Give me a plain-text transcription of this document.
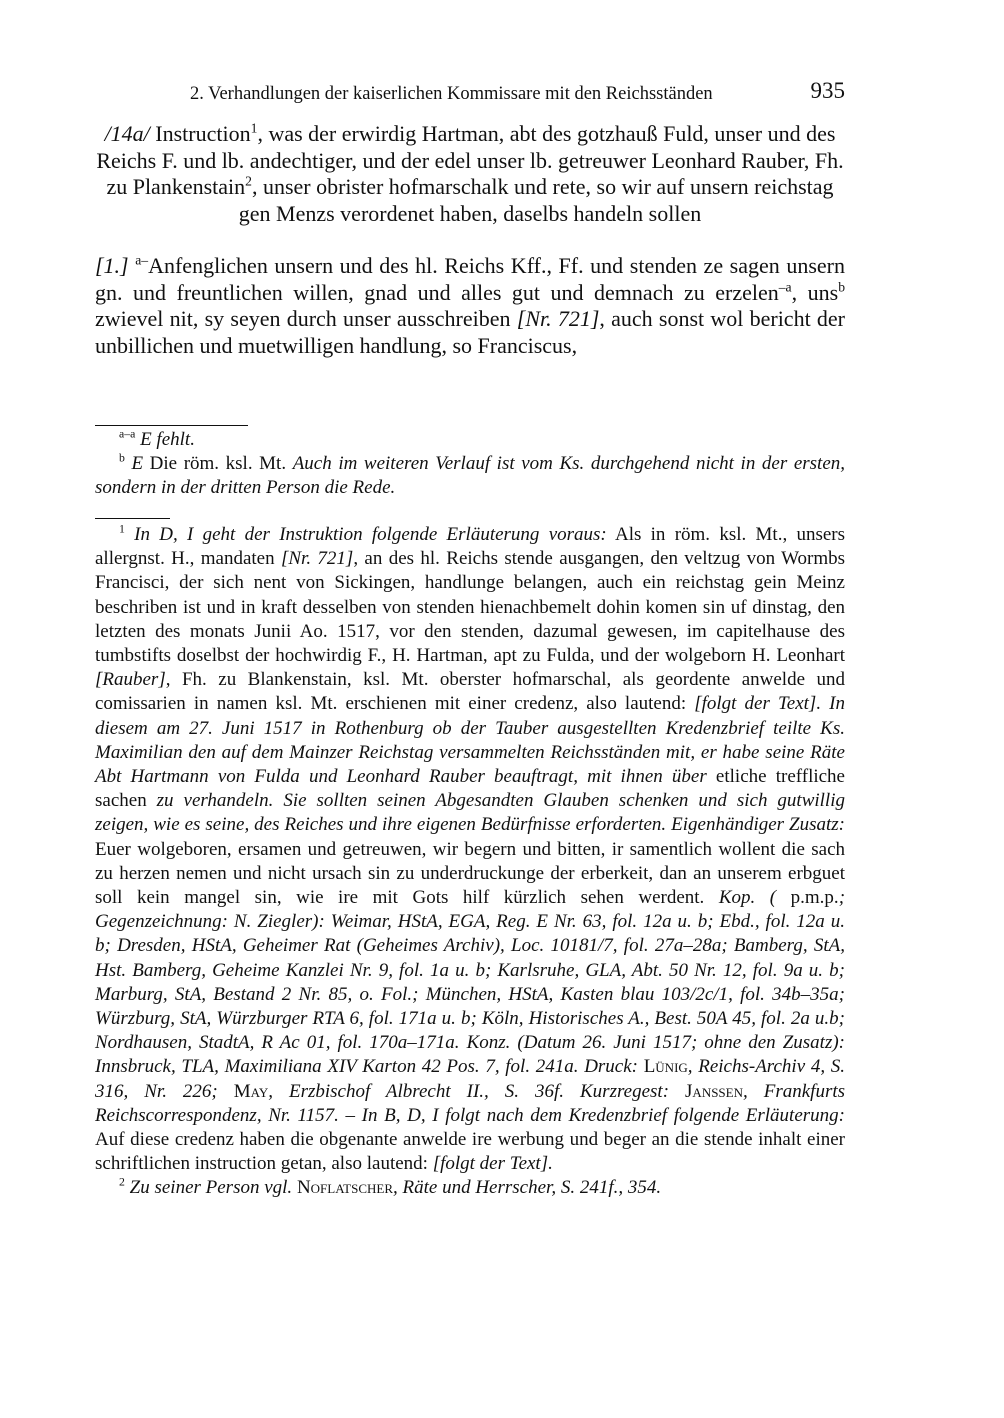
2. Verhandlungen der kaiserlichen Kommissare mit den Reichsständen	935
/14a/ Instruction$^1$, was der erwirdig Hartman, abt des gotzhauß Fuld, unser und des Reichs F. und lb. andechtiger, und der edel unser lb. getreuwer Leonhard Rauber, Fh. zu Plankenstain$^2$, unser obrister hofmarschalk und rete, so wir auf unsern reichstag gen Menzs verordenet haben, daselbs handeln sollen
[1.] $^{a-}$Anfenglichen unsern und des hl. Reichs Kff., Ff. und stenden ze sagen unsern gn. und freuntlichen willen, gnad und alles gut und demnach zu erzelen$^{-a}$, uns$^b$ zwievel nit, sy seyen durch unser ausschreiben [Nr. 721], auch sonst wol bericht der unbillichen und muetwilligen handlung, so Franciscus,

$^{a-a}$ E fehlt.

$^b$ E Die röm. ksl. Mt. Auch im weiteren Verlauf ist vom Ks. durchgehend nicht in der ersten, sondern in der dritten Person die Rede.

$^1$ In D, I geht der Instruktion folgende Erläuterung voraus: Als in röm. ksl. Mt., unsers allergnst. H., mandaten [Nr. 721], an des hl. Reichs stende ausgangen, den veltzug von Wormbs Francisci, der sich nent von Sickingen, handlunge belangen, auch ein reichstag gein Meinz beschriben ist und in kraft desselben von stenden hienachbemelt dohin komen sin uf dinstag, den letzten des monats Junii Ao. 1517, vor den stenden, dazumal gewesen, im capitelhause des tumbstifts doselbst der hochwirdig F., H. Hartman, apt zu Fulda, und der wolgeborn H. Leonhart [Rauber], Fh. zu Blankenstain, ksl. Mt. oberster hofmarschal, als geordente anwelde und comissarien in namen ksl. Mt. erschienen mit einer credenz, also lautend: [folgt der Text]. In diesem am 27. Juni 1517 in Rothenburg ob der Tauber ausgestellten Kredenzbrief teilte Ks. Maximilian den auf dem Mainzer Reichstag versammelten Reichsständen mit, er habe seine Räte Abt Hartmann von Fulda und Leonhard Rauber beauftragt, mit ihnen über etliche treffliche sachen zu verhandeln. Sie sollten seinen Abgesandten Glauben schenken und sich gutwillig zeigen, wie es seine, des Reiches und ihre eigenen Bedürfnisse erforderten. Eigenhändiger Zusatz: Euer wolgeboren, ersamen und getreuwen, wir begern und bitten, ir samentlich wollent die sach zu herzen nemen und nicht ursach sin zu underdruckunge der erberkeit, dan an unserem erbguet soll kein mangel sin, wie ire mit Gots hilf kürzlich sehen werdent. Kop. ( p.m.p.; Gegenzeichnung: N. Ziegler): Weimar, HStA, EGA, Reg. E Nr. 63, fol. 12a u. b; Ebd., fol. 12a u. b; Dresden, HStA, Geheimer Rat (Geheimes Archiv), Loc. 10181/7, fol. 27a–28a; Bamberg, StA, Hst. Bamberg, Geheime Kanzlei Nr. 9, fol. 1a u. b; Karlsruhe, GLA, Abt. 50 Nr. 12, fol. 9a u. b; Marburg, StA, Bestand 2 Nr. 85, o. Fol.; München, HStA, Kasten blau 103/2c/1, fol. 34b–35a; Würzburg, StA, Würzburger RTA 6, fol. 171a u. b; Köln, Historisches A., Best. 50A 45, fol. 2a u.b; Nordhausen, StadtA, R Ac 01, fol. 170a–171a. Konz. (Datum 26. Juni 1517; ohne den Zusatz): Innsbruck, TLA, Maximiliana XIV Karton 42 Pos. 7, fol. 241a. Druck: Lünig, Reichs-Archiv 4, S. 316, Nr. 226; May, Erzbischof Albrecht II., S. 36f. Kurzregest: Janssen, Frankfurts Reichscorrespondenz, Nr. 1157. – In B, D, I folgt nach dem Kredenzbrief folgende Erläuterung: Auf diese credenz haben die obgenante anwelde ire werbung und beger an die stende inhalt einer schriftlichen instruction getan, also lautend: [folgt der Text].

$^2$ Zu seiner Person vgl. Noflatscher, Räte und Herrscher, S. 241f., 354.
